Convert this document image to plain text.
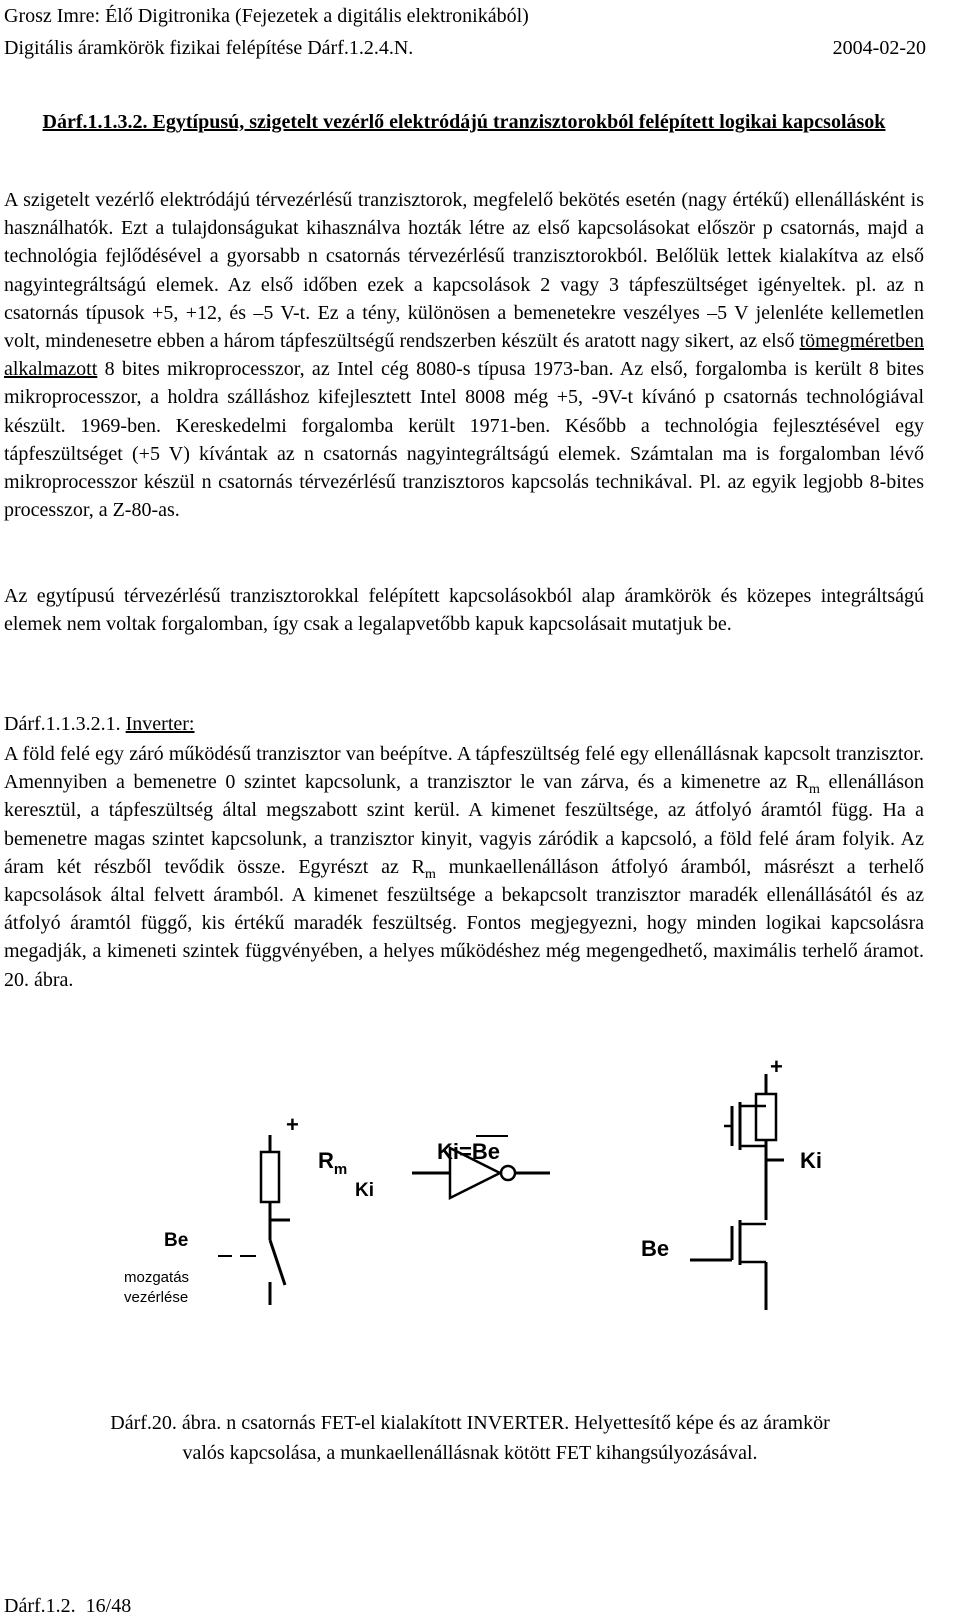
Grosz Imre: Élő Digitronika (Fejezetek a digitális elektronikából)
Digitális áramkörök fizikai felépítése Dárf.1.2.4.N.	2004-02-20
Dárf.1.1.3.2. Egytípusú, szigetelt vezérlő elektródájú tranzisztorokból felépített logikai kapcsolások

A szigetelt vezérlő elektródájú térvezérlésű tranzisztorok, megfelelő bekötés esetén (nagy értékű) ellenállásként is használhatók. Ezt a tulajdonságukat kihasználva hozták létre az első kapcsolásokat először p csatornás, majd a technológia fejlődésével a gyorsabb n csatornás térvezérlésű tranzisztorokból. Belőlük lettek kialakítva az első nagyintegráltságú elemek. Az első időben ezek a kapcsolások 2 vagy 3 tápfeszültséget igényeltek. pl. az n csatornás típusok +5, +12, és –5 V-t. Ez a tény, különösen a bemenetekre veszélyes –5 V jelenléte kellemetlen volt, mindenesetre ebben a három tápfeszültségű rendszerben készült és aratott nagy sikert, az első tömegméretben alkalmazott 8 bites mikroprocesszor, az Intel cég 8080-s típusa 1973-ban. Az első, forgalomba is került 8 bites mikroprocesszor, a holdra szálláshoz kifejlesztett Intel 8008 még +5, -9V-t kívánó p csatornás technológiával készült. 1969-ben. Kereskedelmi forgalomba került 1971-ben. Később a technológia fejlesztésével egy tápfeszültséget (+5 V) kívántak az n csatornás nagyintegráltságú elemek. Számtalan ma is forgalomban lévő mikroprocesszor készül n csatornás térvezérlésű tranzisztoros kapcsolás technikával. Pl. az egyik legjobb 8-bites processzor, a Z-80-as.

Az egytípusú térvezérlésű tranzisztorokkal felépített kapcsolásokból alap áramkörök és közepes integráltságú elemek nem voltak forgalomban, így csak a legalapvetőbb kapuk kapcsolásait mutatjuk be.

Dárf.1.1.3.2.1. Inverter:

A föld felé egy záró működésű tranzisztor van beépítve. A tápfeszültség felé egy ellenállásnak kapcsolt tranzisztor. Amennyiben a bemenetre 0 szintet kapcsolunk, a tranzisztor le van zárva, és a kimenetre az $R_m$ ellenálláson keresztül, a tápfeszültség által megszabott szint kerül. A kimenet feszültsége, az átfolyó áramtól függ. Ha a bemenetre magas szintet kapcsolunk, a tranzisztor kinyit, vagyis záródik a kapcsoló, a föld felé áram folyik. Az áram két részből tevődik össze. Egyrészt az $R_m$ munkaellenálláson átfolyó áramból, másrészt a terhelő kapcsolások által felvett áramból. A kimenet feszültsége a bekapcsolt tranzisztor maradék ellenállásától és az átfolyó áramtól függő, kis értékű maradék feszültség. Fontos megjegyezni, hogy minden logikai kapcsolásra megadják, a kimeneti szintek függvényében, a helyes működéshez még megengedhető, maximális terhelő áramot. 20. ábra.

+
$R_m$
Ki
Be
mozgatás
vezérlése
Ki=Be
+
Ki
Be
Dárf.20. ábra. n csatornás FET-el kialakított INVERTER. Helyettesítő képe és az áramkör
valós kapcsolása, a munkaellenállásnak kötött FET kihangsúlyozásával.
Dárf.1.2. 16/48
